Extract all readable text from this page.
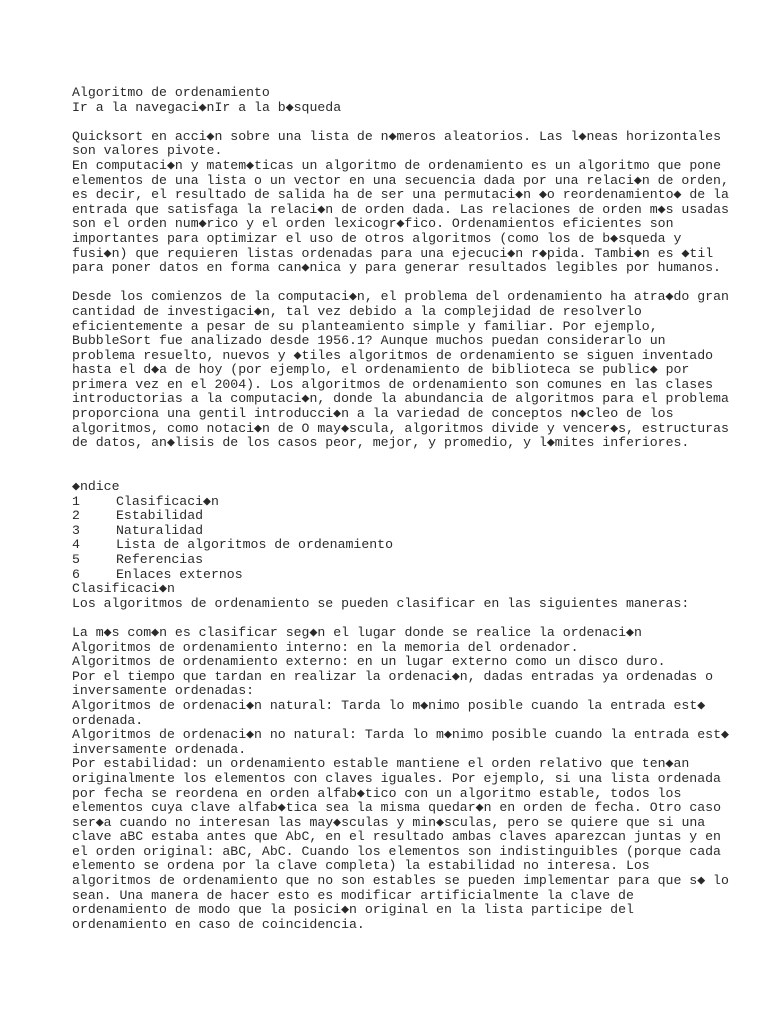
Algoritmo de ordenamiento
Ir a la navegaci◆nIr a la b◆squeda
Quicksort en acci◆n sobre una lista de n◆meros aleatorios. Las l◆neas horizontales
son valores pivote.
En computaci◆n y matem◆ticas un algoritmo de ordenamiento es un algoritmo que pone
elementos de una lista o un vector en una secuencia dada por una relaci◆n de orden,
es decir, el resultado de salida ha de ser una permutaci◆n ◆o reordenamiento◆ de la
entrada que satisfaga la relaci◆n de orden dada. Las relaciones de orden m◆s usadas
son el orden num◆rico y el orden lexicogr◆fico. Ordenamientos eficientes son
importantes para optimizar el uso de otros algoritmos (como los de b◆squeda y
fusi◆n) que requieren listas ordenadas para una ejecuci◆n r◆pida. Tambi◆n es ◆til
para poner datos en forma can◆nica y para generar resultados legibles por humanos.
Desde los comienzos de la computaci◆n, el problema del ordenamiento ha atra◆do gran
cantidad de investigaci◆n, tal vez debido a la complejidad de resolverlo
eficientemente a pesar de su planteamiento simple y familiar. Por ejemplo,
BubbleSort fue analizado desde 1956.1? Aunque muchos puedan considerarlo un
problema resuelto, nuevos y ◆tiles algoritmos de ordenamiento se siguen inventado
hasta el d◆a de hoy (por ejemplo, el ordenamiento de biblioteca se public◆ por
primera vez en el 2004). Los algoritmos de ordenamiento son comunes en las clases
introductorias a la computaci◆n, donde la abundancia de algoritmos para el problema
proporciona una gentil introducci◆n a la variedad de conceptos n◆cleo de los
algoritmos, como notaci◆n de O may◆scula, algoritmos divide y vencer◆s, estructuras
de datos, an◆lisis de los casos peor, mejor, y promedio, y l◆mites inferiores.
◆ndice
1	Clasificaci◆n
2	Estabilidad
3	Naturalidad
4	Lista de algoritmos de ordenamiento
5	Referencias
6	Enlaces externos
Clasificaci◆n
Los algoritmos de ordenamiento se pueden clasificar en las siguientes maneras:
La m◆s com◆n es clasificar seg◆n el lugar donde se realice la ordenaci◆n
Algoritmos de ordenamiento interno: en la memoria del ordenador.
Algoritmos de ordenamiento externo: en un lugar externo como un disco duro.
Por el tiempo que tardan en realizar la ordenaci◆n, dadas entradas ya ordenadas o
inversamente ordenadas:
Algoritmos de ordenaci◆n natural: Tarda lo m◆nimo posible cuando la entrada est◆
ordenada.
Algoritmos de ordenaci◆n no natural: Tarda lo m◆nimo posible cuando la entrada est◆
inversamente ordenada.
Por estabilidad: un ordenamiento estable mantiene el orden relativo que ten◆an
originalmente los elementos con claves iguales. Por ejemplo, si una lista ordenada
por fecha se reordena en orden alfab◆tico con un algoritmo estable, todos los
elementos cuya clave alfab◆tica sea la misma quedar◆n en orden de fecha. Otro caso
ser◆a cuando no interesan las may◆sculas y min◆sculas, pero se quiere que si una
clave aBC estaba antes que AbC, en el resultado ambas claves aparezcan juntas y en
el orden original: aBC, AbC. Cuando los elementos son indistinguibles (porque cada
elemento se ordena por la clave completa) la estabilidad no interesa. Los
algoritmos de ordenamiento que no son estables se pueden implementar para que s◆ lo
sean. Una manera de hacer esto es modificar artificialmente la clave de
ordenamiento de modo que la posici◆n original en la lista participe del
ordenamiento en caso de coincidencia.
